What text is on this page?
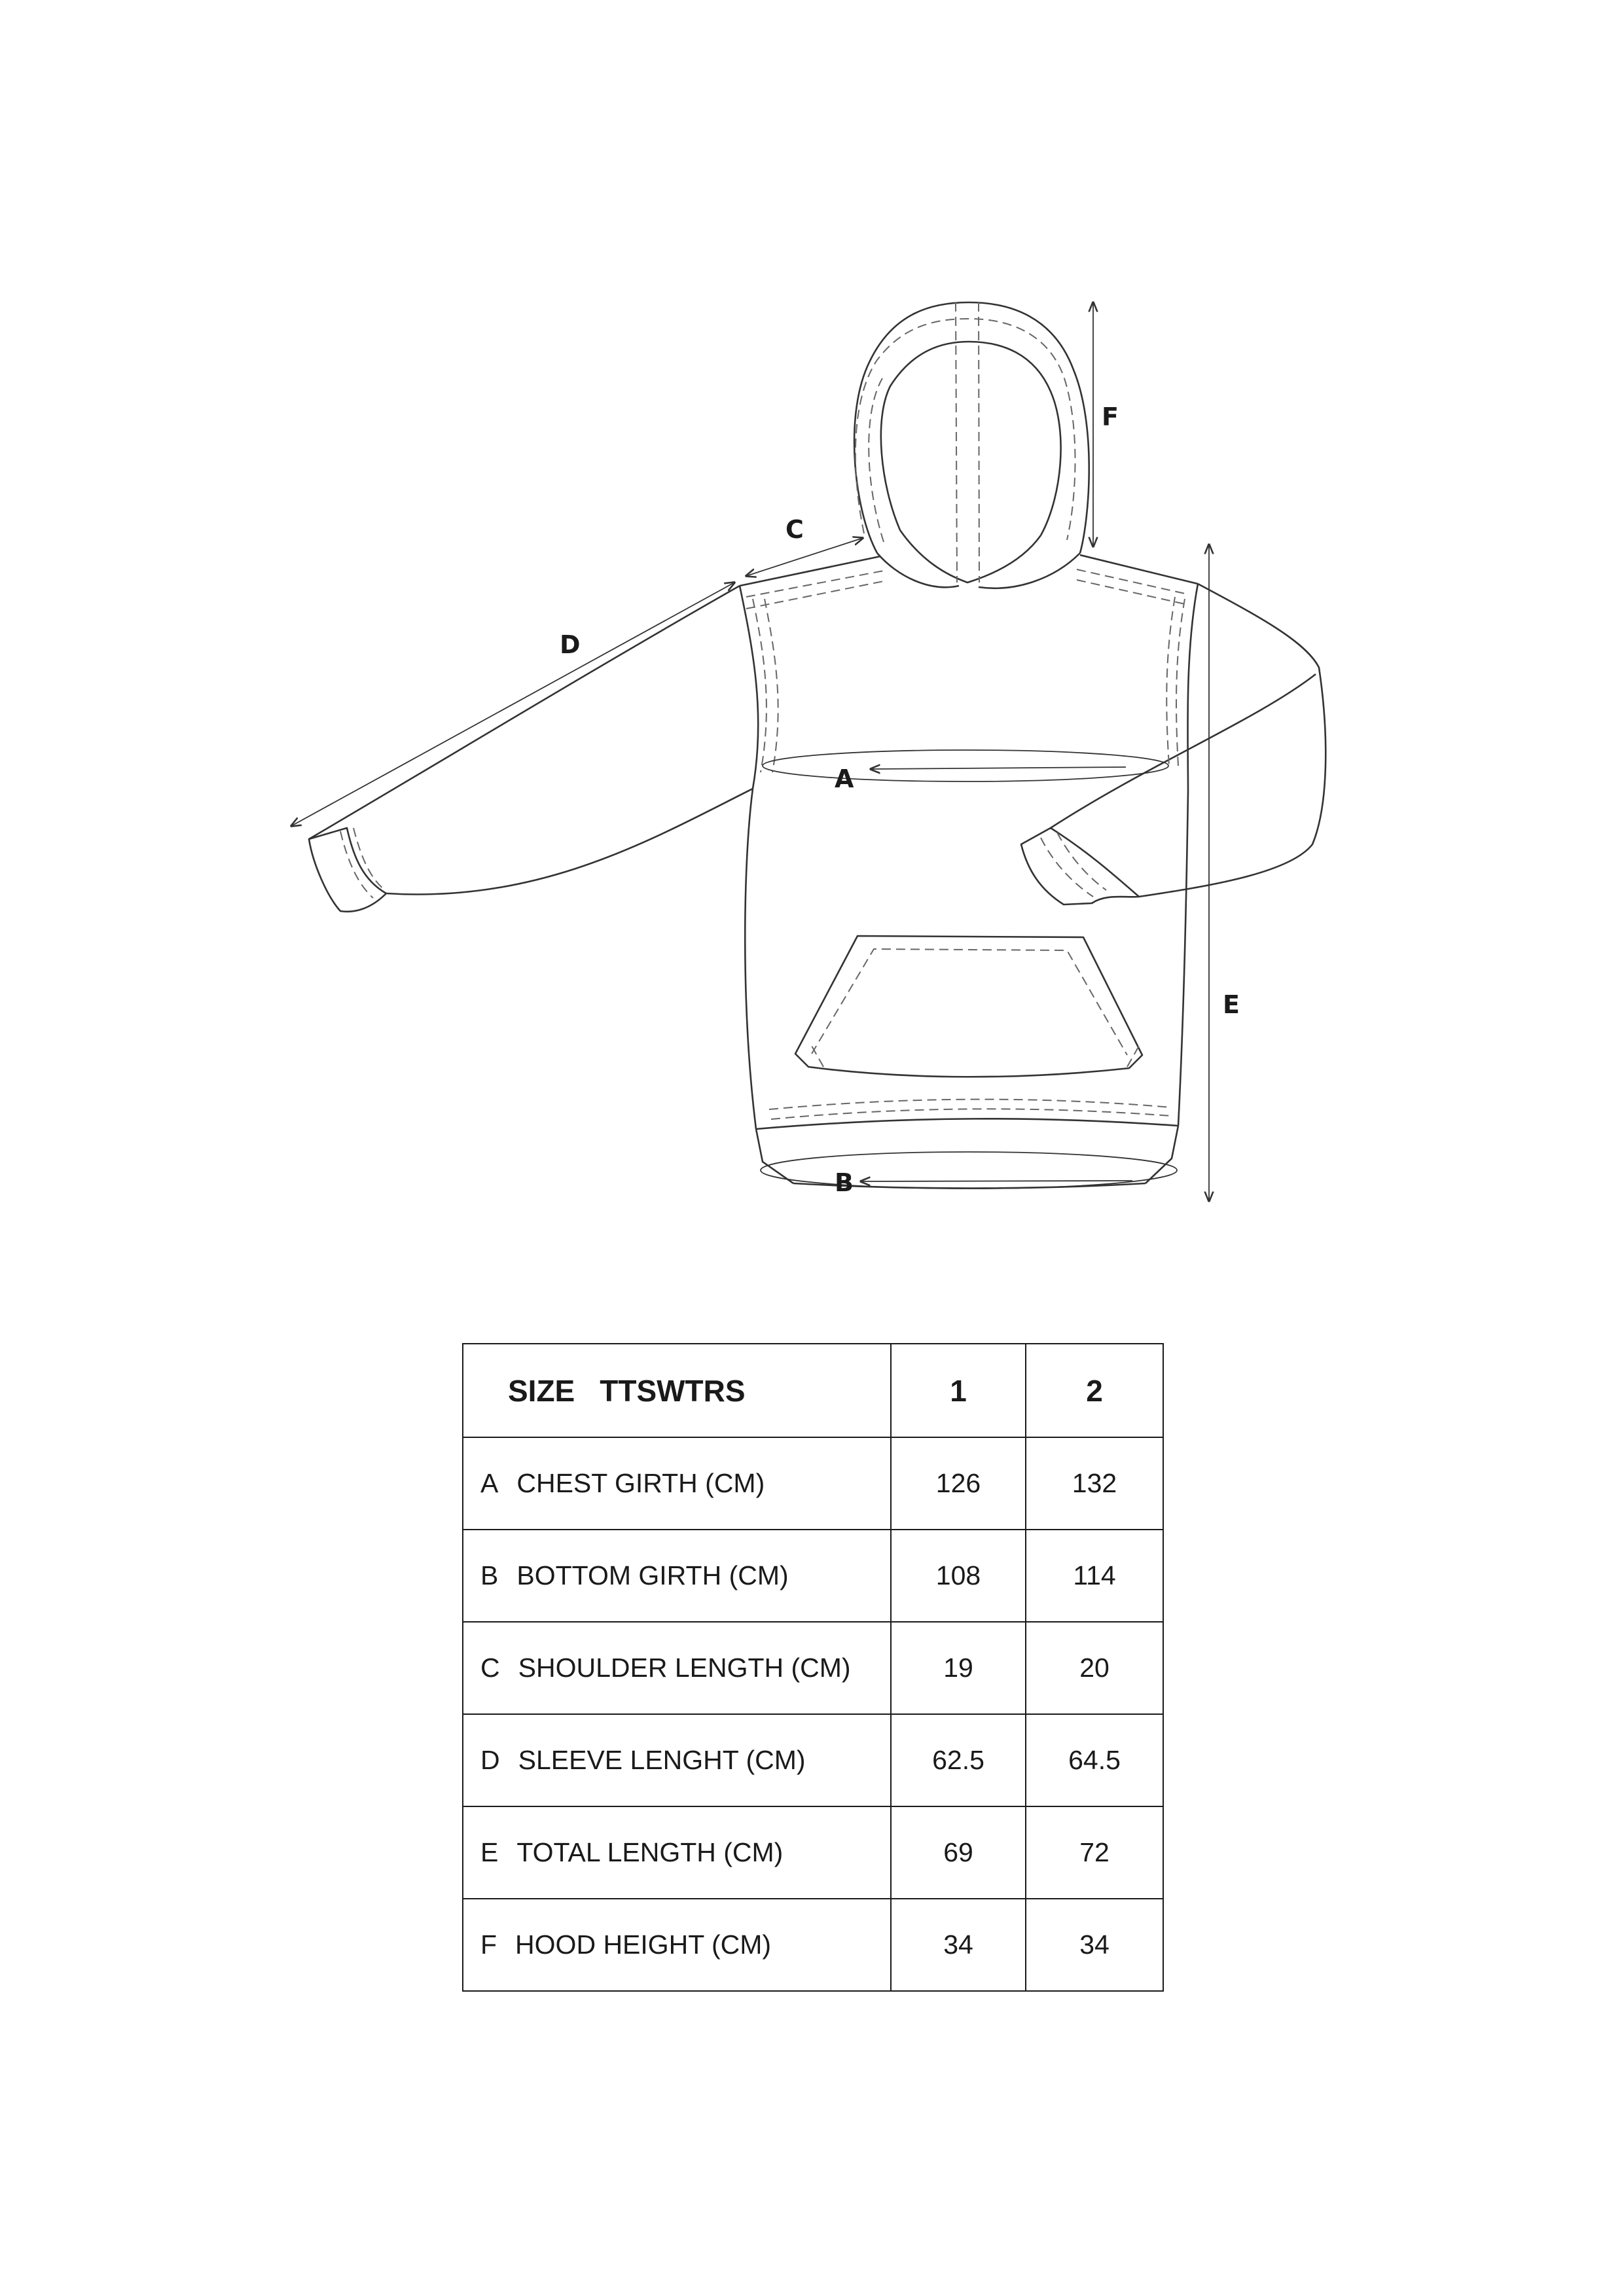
A
B
C
D
E
F
SIZE TTSWTRS	1	2
A CHEST GIRTH (CM)	126	132
B BOTTOM GIRTH (CM)	108	114
C SHOULDER LENGTH (CM)	19	20
D SLEEVE LENGHT (CM)	62.5	64.5
E TOTAL LENGTH (CM)	69	72
F HOOD HEIGHT (CM)	34	34
